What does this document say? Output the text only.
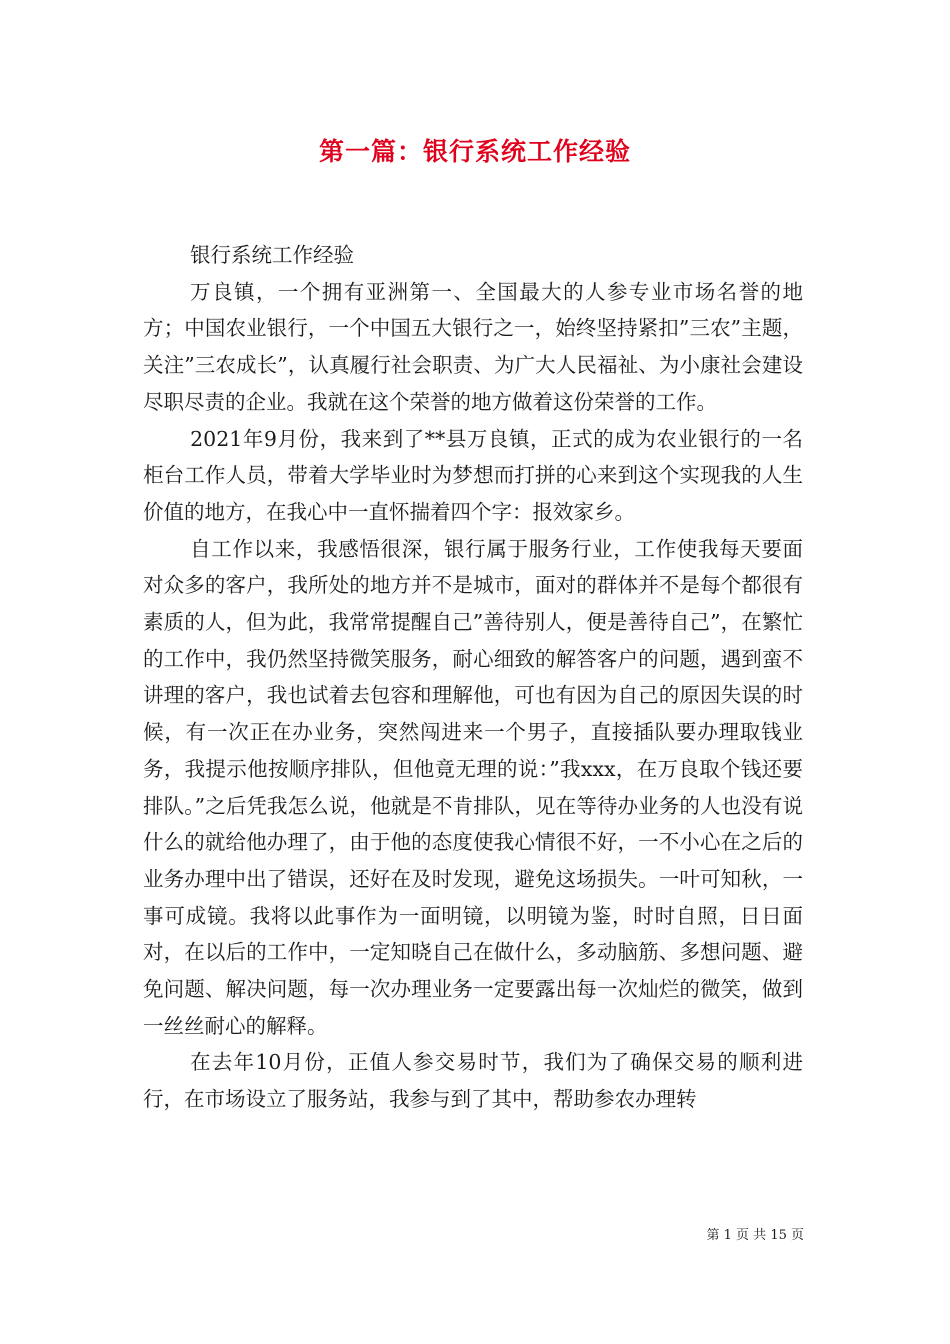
第一篇：银行系统工作经验

银行系统工作经验

万良镇，一个拥有亚洲第一、全国最大的人参专业市场名誉的地方；中国农业银行，一个中国五大银行之一，始终坚持紧扣”三农”主题，关注”三农成长”，认真履行社会职责、为广大人民福祉、为小康社会建设尽职尽责的企业。我就在这个荣誉的地方做着这份荣誉的工作。

2021年9月份，我来到了**县万良镇，正式的成为农业银行的一名柜台工作人员，带着大学毕业时为梦想而打拼的心来到这个实现我的人生价值的地方，在我心中一直怀揣着四个字：报效家乡。

自工作以来，我感悟很深，银行属于服务行业，工作使我每天要面对众多的客户，我所处的地方并不是城市，面对的群体并不是每个都很有素质的人，但为此，我常常提醒自己”善待别人，便是善待自己”，在繁忙的工作中，我仍然坚持微笑服务，耐心细致的解答客户的问题，遇到蛮不讲理的客户，我也试着去包容和理解他，可也有因为自己的原因失误的时候，有一次正在办业务，突然闯进来一个男子，直接插队要办理取钱业务，我提示他按顺序排队，但他竟无理的说：”我xxx，在万良取个钱还要排队。”之后凭我怎么说，他就是不肯排队，见在等待办业务的人也没有说什么的就给他办理了，由于他的态度使我心情很不好，一不小心在之后的业务办理中出了错误，还好在及时发现，避免这场损失。一叶可知秋，一事可成镜。我将以此事作为一面明镜，以明镜为鉴，时时自照，日日面对，在以后的工作中，一定知晓自己在做什么，多动脑筋、多想问题、避免问题、解决问题，每一次办理业务一定要露出每一次灿烂的微笑，做到一丝丝耐心的解释。

在去年10月份，正值人参交易时节，我们为了确保交易的顺利进行，在市场设立了服务站，我参与到了其中，帮助参农办理转

第 1 页 共 15 页
